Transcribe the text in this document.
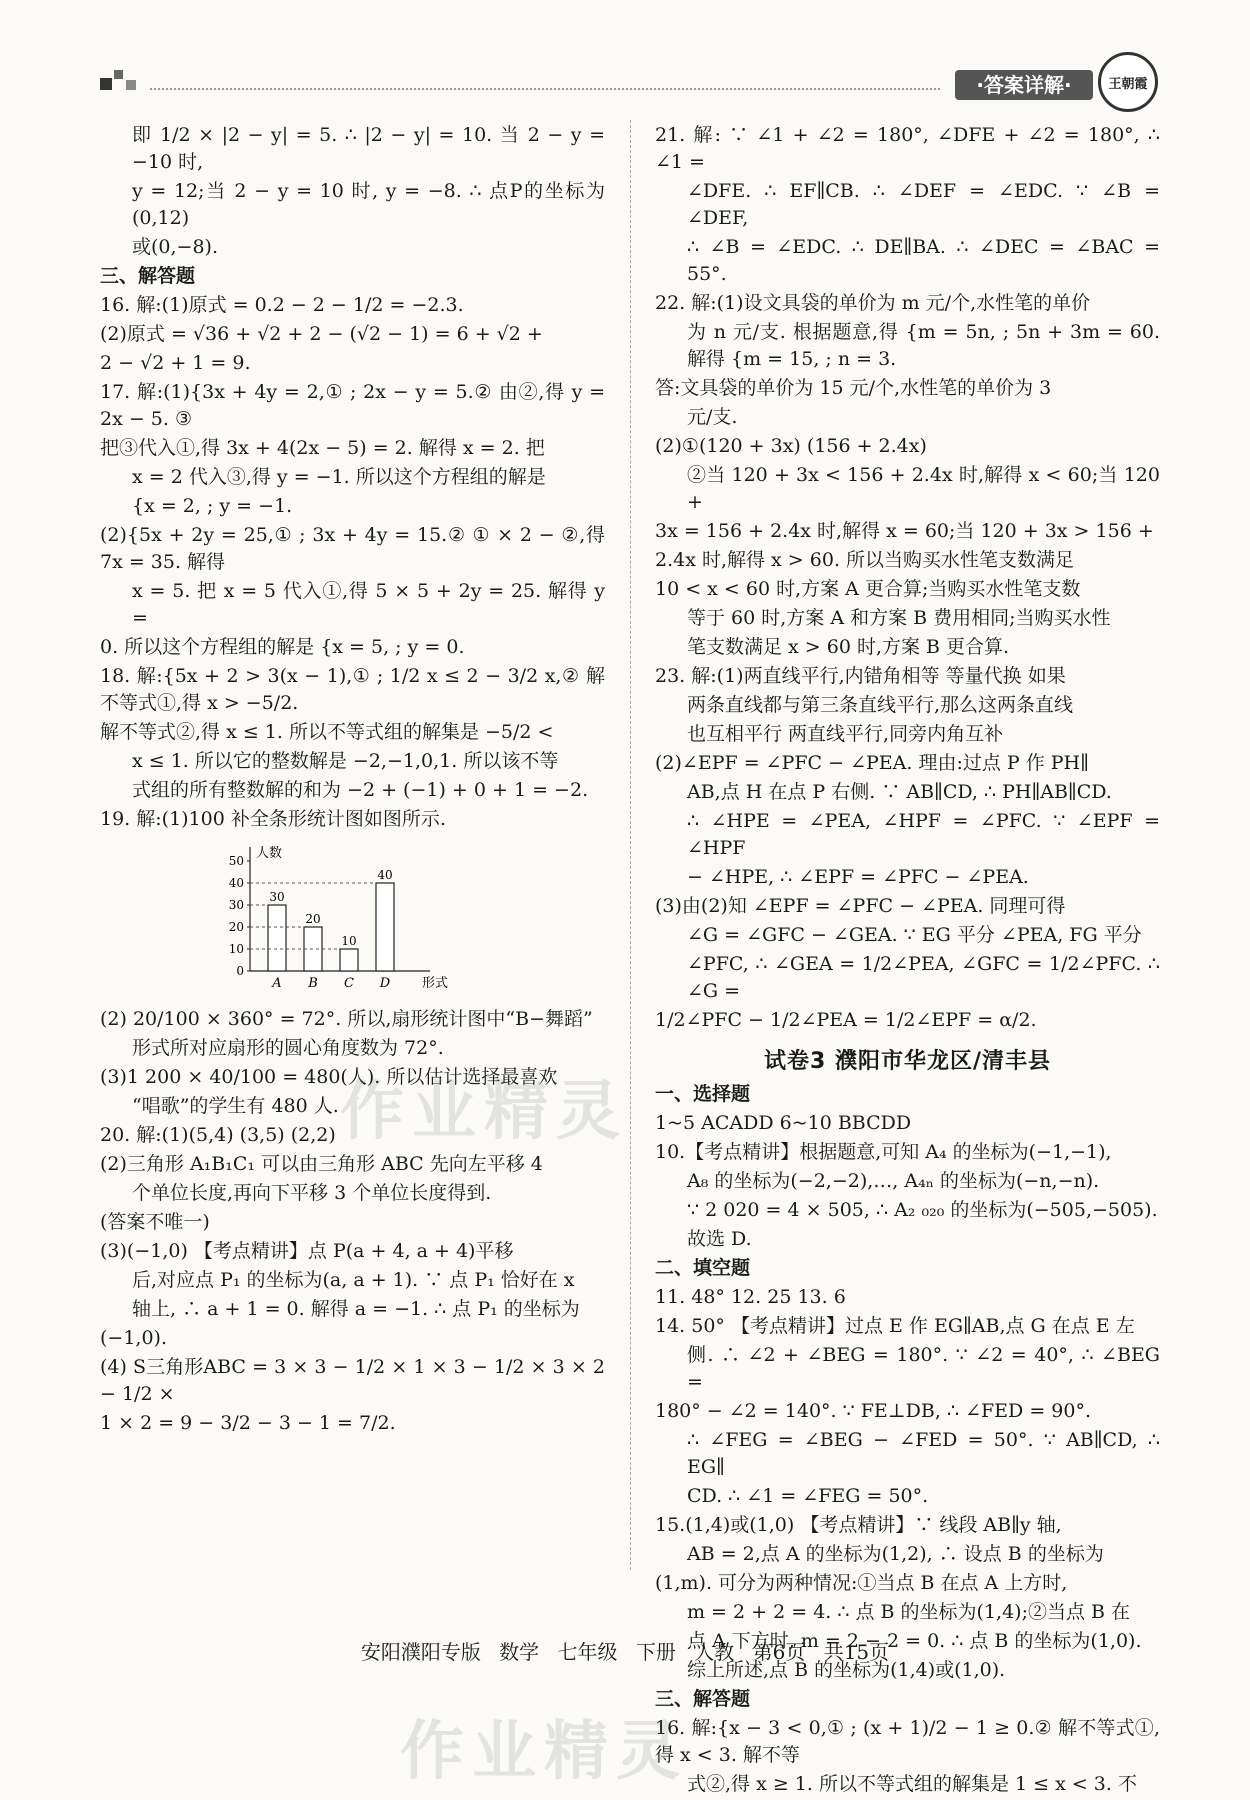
·答案详解·	王朝霞

即 1/2 × |2 − y| = 5. ∴ |2 − y| = 10. 当 2 − y = −10 时,

y = 12;当 2 − y = 10 时, y = −8. ∴ 点P的坐标为(0,12)

或(0,−8).

三、解答题

16. 解:(1)原式 = 0.2 − 2 − 1/2 = −2.3.

(2)原式 = √36 + √2 + 2 − (√2 − 1) = 6 + √2 +

2 − √2 + 1 = 9.

17. 解:(1){3x + 4y = 2,① ; 2x − y = 5.② 由②,得 y = 2x − 5. ③

把③代入①,得 3x + 4(2x − 5) = 2. 解得 x = 2. 把

x = 2 代入③,得 y = −1. 所以这个方程组的解是

{x = 2, ; y = −1.

(2){5x + 2y = 25,① ; 3x + 4y = 15.② ① × 2 − ②,得 7x = 35. 解得

x = 5. 把 x = 5 代入①,得 5 × 5 + 2y = 25. 解得 y =

0. 所以这个方程组的解是 {x = 5, ; y = 0.

18. 解:{5x + 2 > 3(x − 1),① ; 1/2 x ≤ 2 − 3/2 x,② 解不等式①,得 x > −5/2.

解不等式②,得 x ≤ 1. 所以不等式组的解集是 −5/2 <

x ≤ 1. 所以它的整数解是 −2,−1,0,1. 所以该不等

式组的所有整数解的和为 −2 + (−1) + 0 + 1 = −2.

19. 解:(1)100 补全条形统计图如图所示.

人数
形式
0
10
20
30
40
50
30
A
20
B
10
C
40
D

(2) 20/100 × 360° = 72°. 所以,扇形统计图中“B−舞蹈”

形式所对应扇形的圆心角度数为 72°.

(3)1 200 × 40/100 = 480(人). 所以估计选择最喜欢

“唱歌”的学生有 480 人.

20. 解:(1)(5,4) (3,5) (2,2)

(2)三角形 A₁B₁C₁ 可以由三角形 ABC 先向左平移 4

个单位长度,再向下平移 3 个单位长度得到.

(答案不唯一)

(3)(−1,0) 【考点精讲】点 P(a + 4, a + 4)平移

后,对应点 P₁ 的坐标为(a, a + 1). ∵ 点 P₁ 恰好在 x

轴上, ∴ a + 1 = 0. 解得 a = −1. ∴ 点 P₁ 的坐标为

(−1,0).

(4) S三角形ABC = 3 × 3 − 1/2 × 1 × 3 − 1/2 × 3 × 2 − 1/2 ×

1 × 2 = 9 − 3/2 − 3 − 1 = 7/2.

21. 解: ∵ ∠1 + ∠2 = 180°, ∠DFE + ∠2 = 180°, ∴ ∠1 =

∠DFE. ∴ EF∥CB. ∴ ∠DEF = ∠EDC. ∵ ∠B = ∠DEF,

∴ ∠B = ∠EDC. ∴ DE∥BA. ∴ ∠DEC = ∠BAC = 55°.

22. 解:(1)设文具袋的单价为 m 元/个,水性笔的单价

为 n 元/支. 根据题意,得 {m = 5n, ; 5n + 3m = 60. 解得 {m = 15, ; n = 3.

答:文具袋的单价为 15 元/个,水性笔的单价为 3

元/支.

(2)①(120 + 3x) (156 + 2.4x)

②当 120 + 3x < 156 + 2.4x 时,解得 x < 60;当 120 +

3x = 156 + 2.4x 时,解得 x = 60;当 120 + 3x > 156 +

2.4x 时,解得 x > 60. 所以当购买水性笔支数满足

10 < x < 60 时,方案 A 更合算;当购买水性笔支数

等于 60 时,方案 A 和方案 B 费用相同;当购买水性

笔支数满足 x > 60 时,方案 B 更合算.

23. 解:(1)两直线平行,内错角相等 等量代换 如果

两条直线都与第三条直线平行,那么这两条直线

也互相平行 两直线平行,同旁内角互补

(2)∠EPF = ∠PFC − ∠PEA. 理由:过点 P 作 PH∥

AB,点 H 在点 P 右侧. ∵ AB∥CD, ∴ PH∥AB∥CD.

∴ ∠HPE = ∠PEA, ∠HPF = ∠PFC. ∵ ∠EPF = ∠HPF

− ∠HPE, ∴ ∠EPF = ∠PFC − ∠PEA.

(3)由(2)知 ∠EPF = ∠PFC − ∠PEA. 同理可得

∠G = ∠GFC − ∠GEA. ∵ EG 平分 ∠PEA, FG 平分

∠PFC, ∴ ∠GEA = 1/2∠PEA, ∠GFC = 1/2∠PFC. ∴ ∠G =

1/2∠PFC − 1/2∠PEA = 1/2∠EPF = α/2.

试卷3 濮阳市华龙区/清丰县

一、选择题

1~5 ACADD 6~10 BBCDD

10.【考点精讲】根据题意,可知 A₄ 的坐标为(−1,−1),

A₈ 的坐标为(−2,−2),…, A₄ₙ 的坐标为(−n,−n).

∵ 2 020 = 4 × 505, ∴ A₂ ₀₂₀ 的坐标为(−505,−505).

故选 D.

二、填空题

11. 48° 12. 25 13. 6

14. 50° 【考点精讲】过点 E 作 EG∥AB,点 G 在点 E 左

侧. ∴ ∠2 + ∠BEG = 180°. ∵ ∠2 = 40°, ∴ ∠BEG =

180° − ∠2 = 140°. ∵ FE⊥DB, ∴ ∠FED = 90°.

∴ ∠FEG = ∠BEG − ∠FED = 50°. ∵ AB∥CD, ∴ EG∥

CD. ∴ ∠1 = ∠FEG = 50°.

15.(1,4)或(1,0) 【考点精讲】∵ 线段 AB∥y 轴,

AB = 2,点 A 的坐标为(1,2), ∴ 设点 B 的坐标为

(1,m). 可分为两种情况:①当点 B 在点 A 上方时,

m = 2 + 2 = 4. ∴ 点 B 的坐标为(1,4);②当点 B 在

点 A 下方时, m = 2 − 2 = 0. ∴ 点 B 的坐标为(1,0).

综上所述,点 B 的坐标为(1,4)或(1,0).

三、解答题

16. 解:{x − 3 < 0,① ; (x + 1)/2 − 1 ≥ 0.② 解不等式①,得 x < 3. 解不等

式②,得 x ≥ 1. 所以不等式组的解集是 1 ≤ x < 3. 不

作业精灵
作业精灵
安阳濮阳专版 数学 七年级 下册 人教 第6页 共15页
